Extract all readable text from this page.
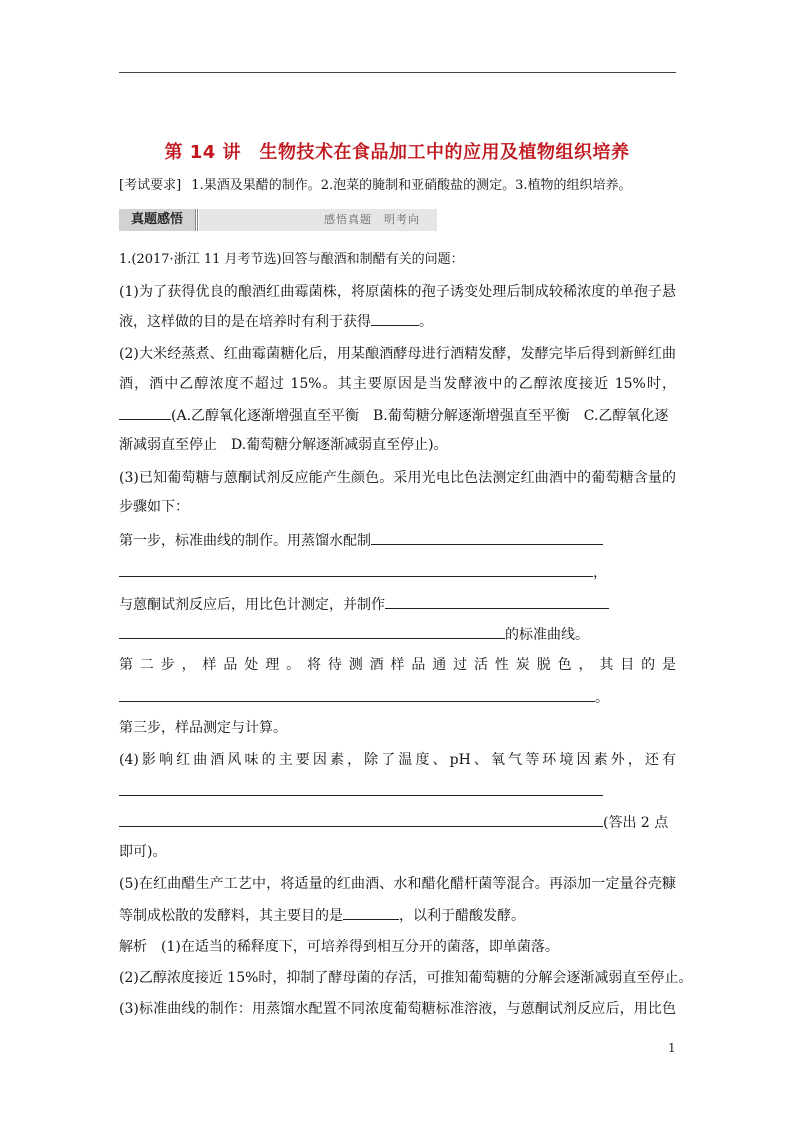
第 14 讲　生物技术在食品加工中的应用及植物组织培养
[考试要求] 1.果酒及果醋的制作。2.泡菜的腌制和亚硝酸盐的测定。3.植物的组织培养。
真题感悟	感悟真题　明考向
1.(2017·浙江 11 月考节选)回答与酿酒和制醋有关的问题：
(1)为了获得优良的酿酒红曲霉菌株，将原菌株的孢子诱变处理后制成较稀浓度的单孢子悬
液，这样做的目的是在培养时有利于获得	。
(2)大米经蒸煮、红曲霉菌糖化后，用某酿酒酵母进行酒精发酵，发酵完毕后得到新鲜红曲
酒，酒中乙醇浓度不超过 15%。其主要原因是当发酵液中的乙醇浓度接近 15%时，
(A.乙醇氧化逐渐增强直至平衡　B.葡萄糖分解逐渐增强直至平衡　C.乙醇氧化逐
渐减弱直至停止　D.葡萄糖分解逐渐减弱直至停止)。
(3)已知葡萄糖与蒽酮试剂反应能产生颜色。采用光电比色法测定红曲酒中的葡萄糖含量的
步骤如下：
第一步，标准曲线的制作。用蒸馏水配制
，
与蒽酮试剂反应后，用比色计测定，并制作
的标准曲线。
第二步，样品处理。将待测酒样品通过活性炭脱色，其目的是
。
第三步，样品测定与计算。
(4)影响红曲酒风味的主要因素，除了温度、pH、氧气等环境因素外，还有
(答出 2 点
即可)。
(5)在红曲醋生产工艺中，将适量的红曲酒、水和醋化醋杆菌等混合。再添加一定量谷壳糠
等制成松散的发酵料，其主要目的是	，以利于醋酸发酵。
解析　(1)在适当的稀释度下，可培养得到相互分开的菌落，即单菌落。
(2)乙醇浓度接近 15%时，抑制了酵母菌的存活，可推知葡萄糖的分解会逐渐减弱直至停止。
(3)标准曲线的制作：用蒸馏水配置不同浓度葡萄糖标准溶液，与蒽酮试剂反应后，用比色
1
